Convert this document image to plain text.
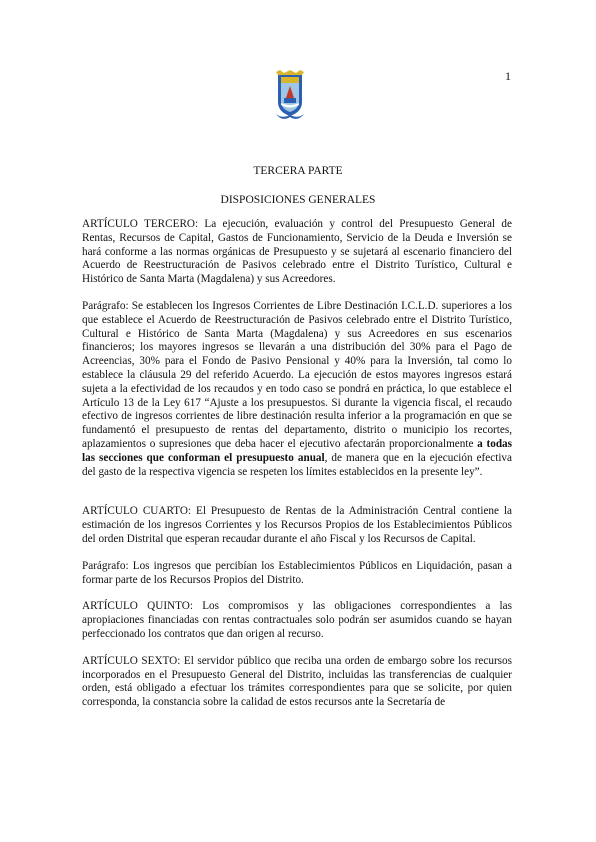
1
TERCERA PARTE
DISPOSICIONES GENERALES

ARTÍCULO TERCERO: La ejecución, evaluación y control del Presupuesto General de Rentas, Recursos de Capital, Gastos de Funcionamiento, Servicio de la Deuda e Inversión se hará conforme a las normas orgánicas de Presupuesto y se sujetará al escenario financiero del Acuerdo de Reestructuración de Pasivos celebrado entre el Distrito Turístico, Cultural e Histórico de Santa Marta (Magdalena) y sus Acreedores.

Parágrafo: Se establecen los Ingresos Corrientes de Libre Destinación I.C.L.D. superiores a los que establece el Acuerdo de Reestructuración de Pasivos celebrado entre el Distrito Turístico, Cultural e Histórico de Santa Marta (Magdalena) y sus Acreedores en sus escenarios financieros; los mayores ingresos se llevarán a una distribución del 30% para el Pago de Acreencias, 30% para el Fondo de Pasivo Pensional y 40% para la Inversión, tal como lo establece la cláusula 29 del referido Acuerdo. La ejecución de estos mayores ingresos estará sujeta a la efectividad de los recaudos y en todo caso se pondrá en práctica, lo que establece el Artículo 13 de la Ley 617 “Ajuste a los presupuestos. Si durante la vigencia fiscal, el recaudo efectivo de ingresos corrientes de libre destinación resulta inferior a la programación en que se fundamentó el presupuesto de rentas del departamento, distrito o municipio los recortes, aplazamientos o supresiones que deba hacer el ejecutivo afectarán proporcionalmente a todas las secciones que conforman el presupuesto anual, de manera que en la ejecución efectiva del gasto de la respectiva vigencia se respeten los límites establecidos en la presente ley”.

ARTÍCULO CUARTO: El Presupuesto de Rentas de la Administración Central contiene la estimación de los ingresos Corrientes y los Recursos Propios de los Establecimientos Públicos del orden Distrital que esperan recaudar durante el año Fiscal y los Recursos de Capital.

Parágrafo: Los ingresos que percibían los Establecimientos Públicos en Liquidación, pasan a formar parte de los Recursos Propios del Distrito.

ARTÍCULO QUINTO: Los compromisos y las obligaciones correspondientes a las apropiaciones financiadas con rentas contractuales solo podrán ser asumidos cuando se hayan perfeccionado los contratos que dan origen al recurso.

ARTÍCULO SEXTO: El servidor público que reciba una orden de embargo sobre los recursos incorporados en el Presupuesto General del Distrito, incluidas las transferencias de cualquier orden, está obligado a efectuar los trámites correspondientes para que se solicite, por quien corresponda, la constancia sobre la calidad de estos recursos ante la Secretaría de
